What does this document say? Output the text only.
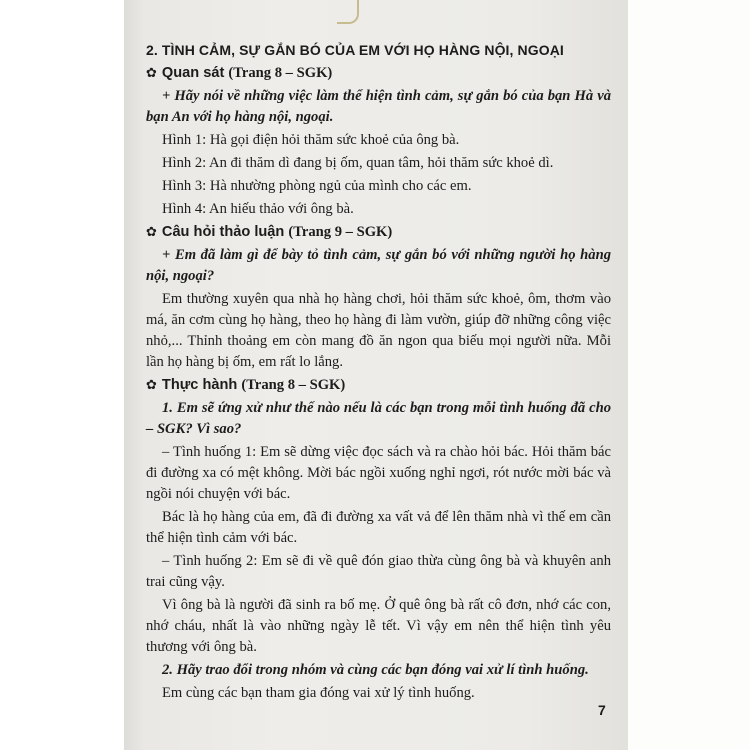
2. TÌNH CẢM, SỰ GẮN BÓ CỦA EM VỚI HỌ HÀNG NỘI, NGOẠI
✿ Quan sát (Trang 8 – SGK)
+ Hãy nói về những việc làm thể hiện tình cảm, sự gắn bó của bạn Hà và bạn An với họ hàng nội, ngoại.
Hình 1: Hà gọi điện hỏi thăm sức khoẻ của ông bà.
Hình 2: An đi thăm dì đang bị ốm, quan tâm, hỏi thăm sức khoẻ dì.
Hình 3: Hà nhường phòng ngủ của mình cho các em.
Hình 4: An hiếu thảo với ông bà.
✿ Câu hỏi thảo luận (Trang 9 – SGK)
+ Em đã làm gì để bày tỏ tình cảm, sự gắn bó với những người họ hàng nội, ngoại?
Em thường xuyên qua nhà họ hàng chơi, hỏi thăm sức khoẻ, ôm, thơm vào má, ăn cơm cùng họ hàng, theo họ hàng đi làm vườn, giúp đỡ những công việc nhỏ,... Thỉnh thoảng em còn mang đồ ăn ngon qua biếu mọi người nữa. Mỗi lần họ hàng bị ốm, em rất lo lắng.
✿ Thực hành (Trang 8 – SGK)
1. Em sẽ ứng xử như thế nào nếu là các bạn trong mỗi tình huống đã cho – SGK? Vì sao?
– Tình huống 1: Em sẽ dừng việc đọc sách và ra chào hỏi bác. Hỏi thăm bác đi đường xa có mệt không. Mời bác ngồi xuống nghỉ ngơi, rót nước mời bác và ngồi nói chuyện với bác.
Bác là họ hàng của em, đã đi đường xa vất vả để lên thăm nhà vì thế em cần thể hiện tình cảm với bác.
– Tình huống 2: Em sẽ đi về quê đón giao thừa cùng ông bà và khuyên anh trai cũng vậy.
Vì ông bà là người đã sinh ra bố mẹ. Ở quê ông bà rất cô đơn, nhớ các con, nhớ cháu, nhất là vào những ngày lễ tết. Vì vậy em nên thể hiện tình yêu thương với ông bà.
2. Hãy trao đổi trong nhóm và cùng các bạn đóng vai xử lí tình huống.
Em cùng các bạn tham gia đóng vai xử lý tình huống.
7
